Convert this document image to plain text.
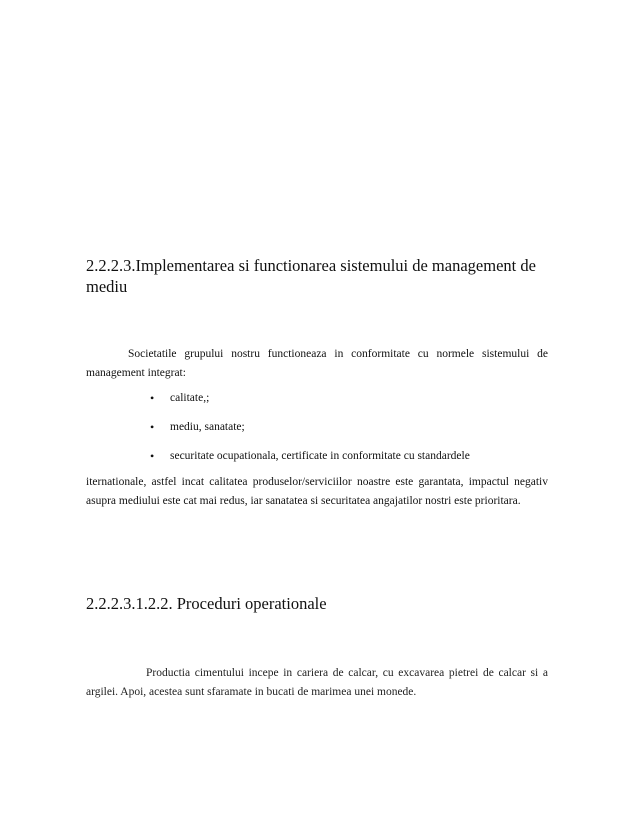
2.2.2.3.Implementarea si functionarea sistemului de management de mediu

Societatile grupului nostru functioneaza in conformitate cu normele sistemului de management integrat:

• calitate,;
• mediu, sanatate;
• securitate ocupationala, certificate in conformitate cu standardele

iternationale, astfel incat calitatea produselor/serviciilor noastre este garantata, impactul negativ asupra mediului este cat mai redus, iar sanatatea si securitatea angajatilor nostri este prioritara.

2.2.2.3.1.2.2. Proceduri operationale

Productia cimentului incepe in cariera de calcar, cu excavarea pietrei de calcar si a argilei. Apoi, acestea sunt sfaramate in bucati de marimea unei monede.
